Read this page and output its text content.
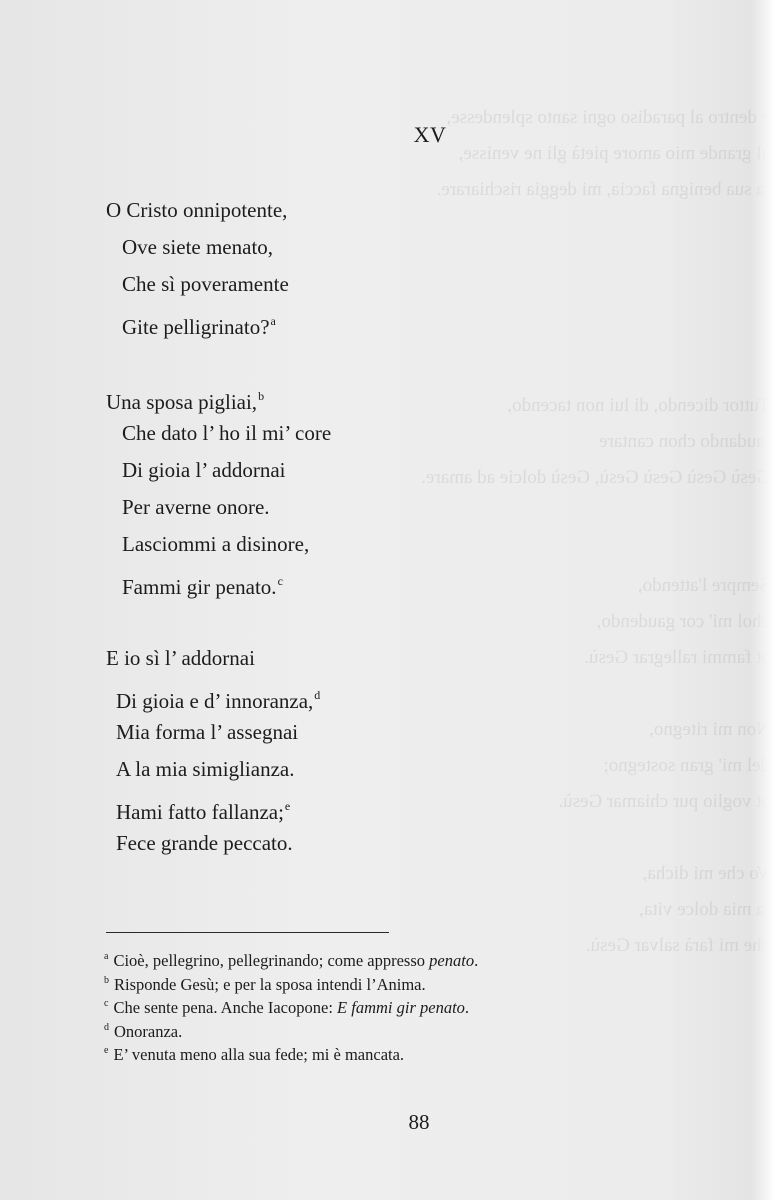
e dentro al paradiso ogni santo splendesse,
al grande mio amore pietà gli ne venisse,
la sua benigna faccia, mi deggia rischiarare.

Tuttor dicendo, di lui non tacendo,
laudando chon cantare
Gesù Gesù Gesù Gesù, Gesù dolcie ad amare.

Sempre l'attendo,
chol mi' cor gaudendo,
et fammi rallegrar Gesù.

Non mi ritegno,
del mi' gran sostegno;
et voglio pur chiamar Gesù.

Vo che mi dicha,
la mia dolce vita,
che mi farà salvar Gesù.
XV
O Cristo onnipotente,
Ove siete menato,
Che sì poveramente
Gite pelligrinato?$^a$
Una sposa pigliai,$^b$
Che dato l’ ho il mi’ core
Di gioia l’ addornai
Per averne onore.
Lasciommi a disinore,
Fammi gir penato.$^c$
E io sì l’ addornai
Di gioia e d’ innoranza,$^d$
Mia forma l’ assegnai
A la mia simiglianza.
Hami fatto fallanza;$^e$
Fece grande peccato.
$^a$ Cioè, pellegrino, pellegrinando; come appresso penato.
$^b$ Risponde Gesù; e per la sposa intendi l’Anima.
$^c$ Che sente pena. Anche Iacopone: E fammi gir penato.
$^d$ Onoranza.
$^e$ E’ venuta meno alla sua fede; mi è mancata.
88
